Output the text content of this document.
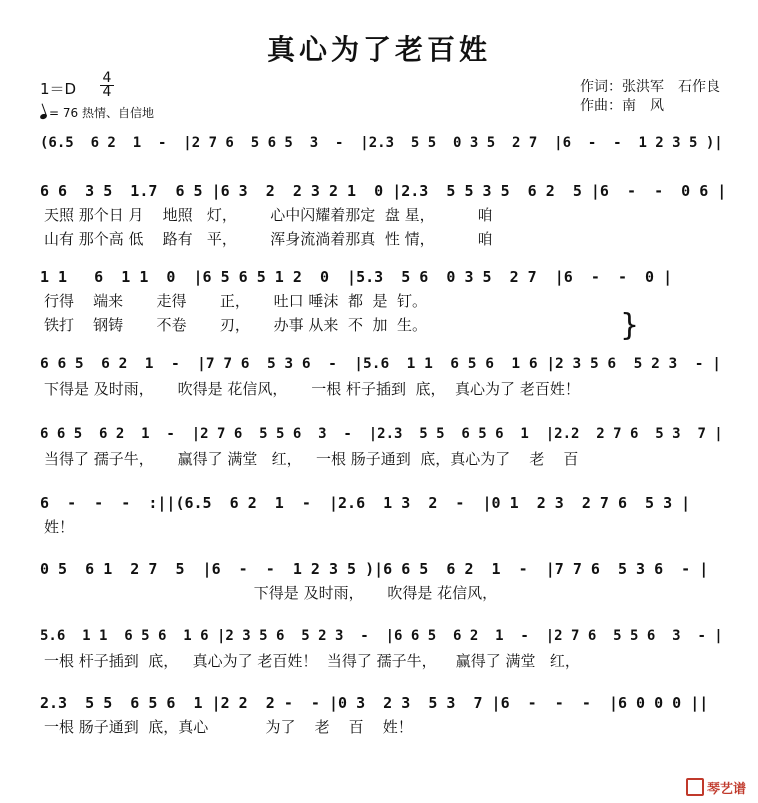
真心为了老百姓
1＝D
4
4
= 76 热情、自信地
作词：张洪军　石作良
作曲：南　风
(6.5  6 2  1  -  |2 7 6  5 6 5  3  -  |2.3  5 5  0 3 5  2 7  |6  -  -  1 2 3 5 )|
6 6  3 5  1.7  6 5 |6 3  2  2 3 2 1  0 |2.3  5 5 3 5  6 2  5 |6  -  -  0 6 |
天照 那个日 月    地照   灯，       心中闪耀着那定  盘 星，         咱
山有 那个高 低    路有   平，       浑身流淌着那真  性 情，         咱
1 1   6  1 1  0  |6 5 6 5 1 2  0  |5.3  5 6  0 3 5  2 7  |6  -  -  0 |
行得    端来       走得       正，     吐口 唾沫  都  是  钉。
铁打    钢铸       不卷       刃，     办事 从来  不  加  生。
6 6 5  6 2  1  -  |7 7 6  5 3 6  -  |5.6  1 1  6 5 6  1 6 |2 3 5 6  5 2 3  - |
下得是 及时雨，     吹得是 花信风，     一根 杆子插到  底，  真心为了 老百姓！
6 6 5  6 2  1  -  |2 7 6  5 5 6  3  -  |2.3  5 5  6 5 6  1  |2.2  2 7 6  5 3  7 |
当得了 孺子牛，     赢得了 满堂   红，   一根 肠子通到  底，真心为了    老    百
6  -  -  -  :||(6.5  6 2  1  -  |2.6  1 3  2  -  |0 1  2 3  2 7 6  5 3 |
姓！
0 5  6 1  2 7  5  |6  -  -  1 2 3 5 )|6 6 5  6 2  1  -  |7 7 6  5 3 6  - |
下得是 及时雨，     吹得是 花信风，
5.6  1 1  6 5 6  1 6 |2 3 5 6  5 2 3  -  |6 6 5  6 2  1  -  |2 7 6  5 5 6  3  - |
一根 杆子插到  底，   真心为了 老百姓！  当得了 孺子牛，    赢得了 满堂   红，
2.3  5 5  6 5 6  1 |2 2  2 -  - |0 3  2 3  5 3  7 |6  -  -  -  |6 0 0 0 ||
一根 肠子通到  底，真心            为了    老    百    姓！
}
琴艺谱
